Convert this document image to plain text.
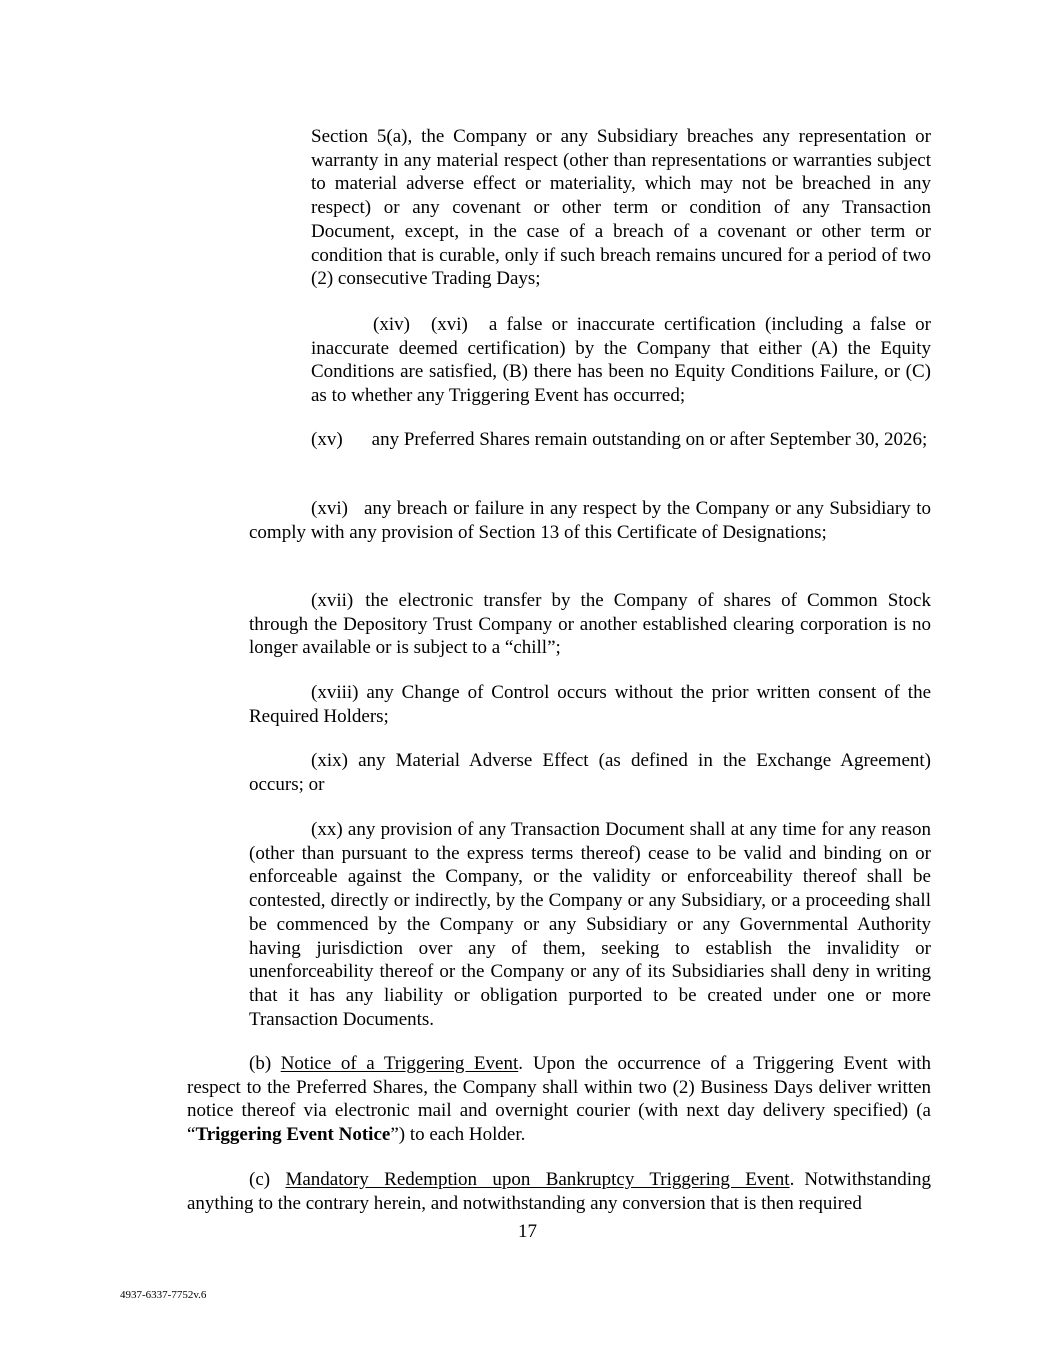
Section 5(a), the Company or any Subsidiary breaches any representation or warranty in any material respect (other than representations or warranties subject to material adverse effect or materiality, which may not be breached in any respect) or any covenant or other term or condition of any Transaction Document, except, in the case of a breach of a covenant or other term or condition that is curable, only if such breach remains uncured for a period of two (2) consecutive Trading Days;

(xiv) (xvi) a false or inaccurate certification (including a false or inaccurate deemed certification) by the Company that either (A) the Equity Conditions are satisfied, (B) there has been no Equity Conditions Failure, or (C) as to whether any Triggering Event has occurred;

(xv) any Preferred Shares remain outstanding on or after September 30, 2026;

(xvi) any breach or failure in any respect by the Company or any Subsidiary to comply with any provision of Section 13 of this Certificate of Designations;

(xvii) the electronic transfer by the Company of shares of Common Stock through the Depository Trust Company or another established clearing corporation is no longer available or is subject to a “chill”;

(xviii) any Change of Control occurs without the prior written consent of the Required Holders;

(xix) any Material Adverse Effect (as defined in the Exchange Agreement) occurs; or

(xx) any provision of any Transaction Document shall at any time for any reason (other than pursuant to the express terms thereof) cease to be valid and binding on or enforceable against the Company, or the validity or enforceability thereof shall be contested, directly or indirectly, by the Company or any Subsidiary, or a proceeding shall be commenced by the Company or any Subsidiary or any Governmental Authority having jurisdiction over any of them, seeking to establish the invalidity or unenforceability thereof or the Company or any of its Subsidiaries shall deny in writing that it has any liability or obligation purported to be created under one or more Transaction Documents.

(b) Notice of a Triggering Event. Upon the occurrence of a Triggering Event with respect to the Preferred Shares, the Company shall within two (2) Business Days deliver written notice thereof via electronic mail and overnight courier (with next day delivery specified) (a “Triggering Event Notice”) to each Holder.

(c) Mandatory Redemption upon Bankruptcy Triggering Event. Notwithstanding anything to the contrary herein, and notwithstanding any conversion that is then required

17
4937-6337-7752v.6
